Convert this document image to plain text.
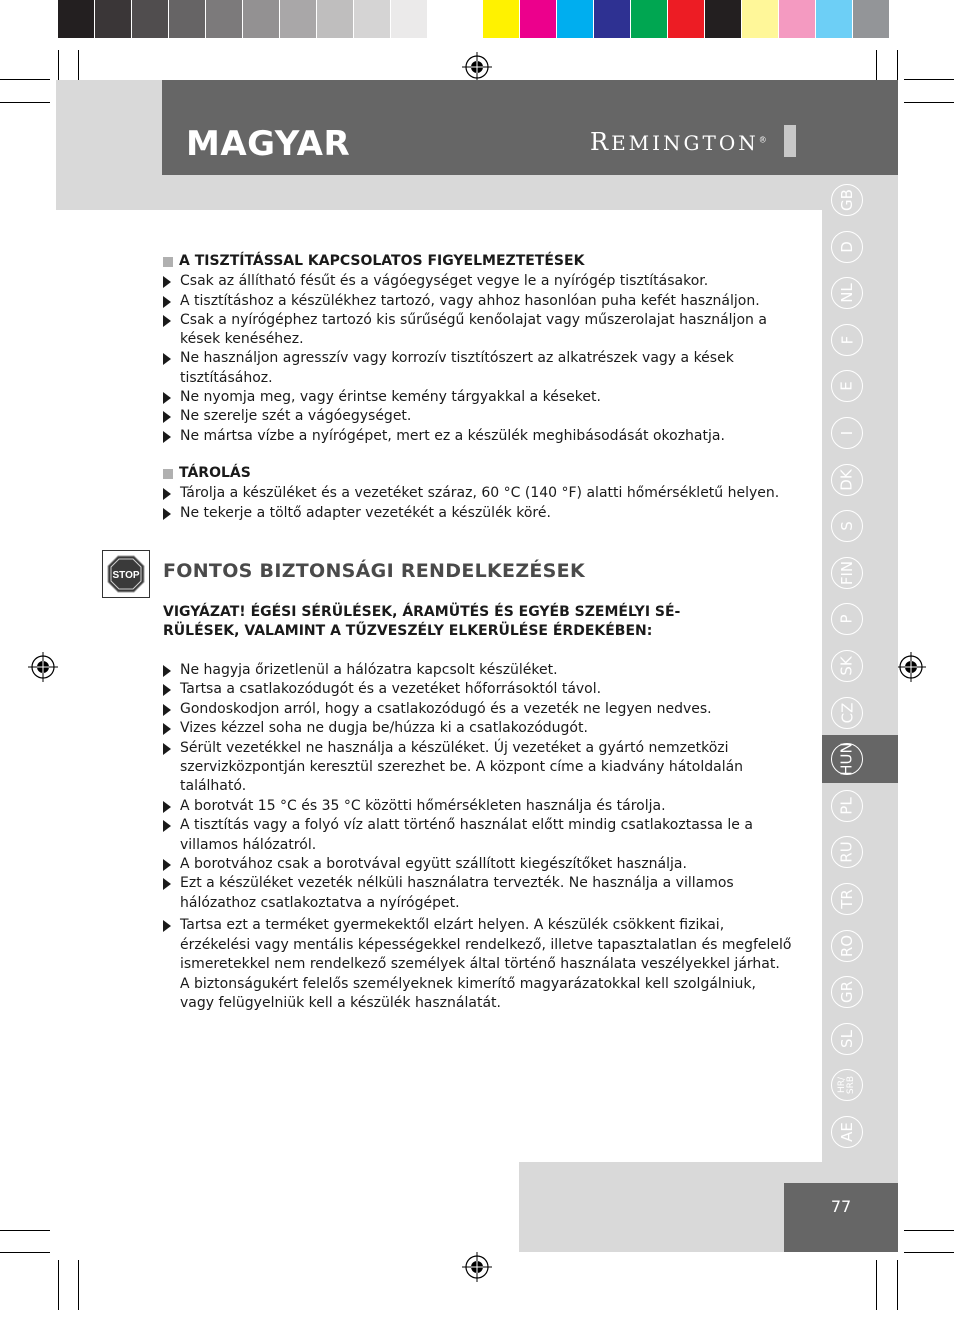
MAGYAR	REMINGTON®
A TISZTÍTÁSSAL KAPCSOLATOS FIGYELMEZTETÉSEK
Csak az állítható fésűt és a vágóegységet vegye le a nyírógép tisztításakor.
A tisztításhoz a készülékhez tartozó, vagy ahhoz hasonlóan puha kefét használjon.
Csak a nyírógéphez tartozó kis sűrűségű kenőolajat vagy műszerolajat használjon a kések kenéséhez.
Ne használjon agresszív vagy korrozív tisztítószert az alkatrészek vagy a kések tisztításához.
Ne nyomja meg, vagy érintse kemény tárgyakkal a késeket.
Ne szerelje szét a vágóegységet.
Ne mártsa vízbe a nyírógépet, mert ez a készülék meghibásodását okozhatja.
TÁROLÁS
Tárolja a készüléket és a vezetéket száraz, 60 °C (140 °F) alatti hőmérsékletű helyen.
Ne tekerje a töltő adapter vezetékét a készülék köré.
STOP FONTOS BIZTONSÁGI RENDELKEZÉSEK
VIGYÁZAT! ÉGÉSI SÉRÜLÉSEK, ÁRAMÜTÉS ÉS EGYÉB SZEMÉLYI SÉ-
RÜLÉSEK, VALAMINT A TŰZVESZÉLY ELKERÜLÉSE ÉRDEKÉBEN:
Ne hagyja őrizetlenül a hálózatra kapcsolt készüléket.
Tartsa a csatlakozódugót és a vezetéket hőforrásoktól távol.
Gondoskodjon arról, hogy a csatlakozódugó és a vezeték ne legyen nedves.
Vizes kézzel soha ne dugja be/húzza ki a csatlakozódugót.
Sérült vezetékkel ne használja a készüléket. Új vezetéket a gyártó nemzetközi szervizközpontján keresztül szerezhet be. A központ címe a kiadvány hátoldalán található.
A borotvát 15 °C és 35 °C közötti hőmérsékleten használja és tárolja.
A tisztítás vagy a folyó víz alatt történő használat előtt mindig csatlakoztassa le a villamos hálózatról.
A borotvához csak a borotvával együtt szállított kiegészítőket használja.
Ezt a készüléket vezeték nélküli használatra tervezték. Ne használja a villamos hálózathoz csatlakoztatva a nyírógépet.
Tartsa ezt a terméket gyermekektől elzárt helyen. A készülék csökkent fizikai, érzékelési vagy mentális képességekkel rendelkező, illetve tapasztalatlan és megfelelő ismeretekkel nem rendelkező személyek által történő használata veszélyekkel járhat. A biztonságukért felelős személyeknek kimerítő magyarázatokkal kell szolgálniuk, vagy felügyelniük kell a készülék használatát.
GB
D
NL
F
E
I
DK
S
FIN
P
SK
CZ
HUN
PL
RU
TR
RO
GR
SL
HR/
SRB
AE
77
